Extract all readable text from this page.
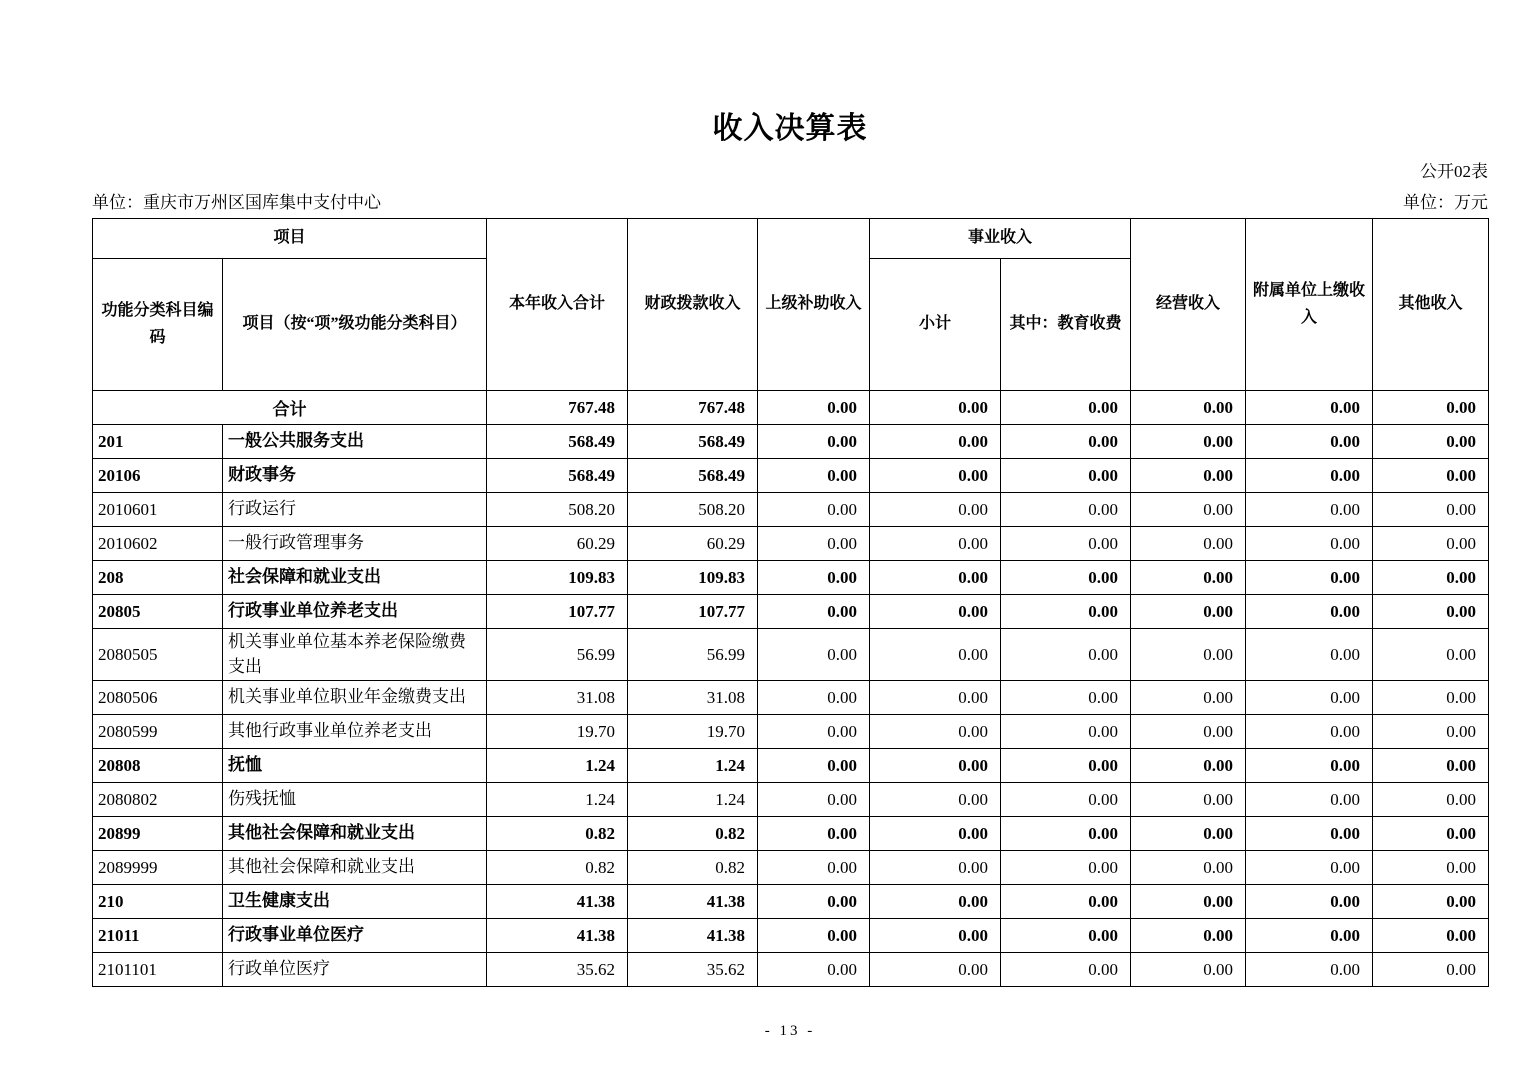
收入决算表
公开02表
单位：重庆市万州区国库集中支付中心	单位：万元
项目		本年收入合计	财政拨款收入	上级补助收入	事业收入		经营收入	附属单位上缴收入	其他收入
功能分类科目编码	项目（按“项”级功能分类科目）				小计	其中：教育收费			
合计		767.48	767.48	0.00	0.00	0.00	0.00	0.00	0.00
201	一般公共服务支出	568.49	568.49	0.00	0.00	0.00	0.00	0.00	0.00
20106	财政事务	568.49	568.49	0.00	0.00	0.00	0.00	0.00	0.00
2010601	行政运行	508.20	508.20	0.00	0.00	0.00	0.00	0.00	0.00
2010602	一般行政管理事务	60.29	60.29	0.00	0.00	0.00	0.00	0.00	0.00
208	社会保障和就业支出	109.83	109.83	0.00	0.00	0.00	0.00	0.00	0.00
20805	行政事业单位养老支出	107.77	107.77	0.00	0.00	0.00	0.00	0.00	0.00
2080505	机关事业单位基本养老保险缴费支出	56.99	56.99	0.00	0.00	0.00	0.00	0.00	0.00
2080506	机关事业单位职业年金缴费支出	31.08	31.08	0.00	0.00	0.00	0.00	0.00	0.00
2080599	其他行政事业单位养老支出	19.70	19.70	0.00	0.00	0.00	0.00	0.00	0.00
20808	抚恤	1.24	1.24	0.00	0.00	0.00	0.00	0.00	0.00
2080802	伤残抚恤	1.24	1.24	0.00	0.00	0.00	0.00	0.00	0.00
20899	其他社会保障和就业支出	0.82	0.82	0.00	0.00	0.00	0.00	0.00	0.00
2089999	其他社会保障和就业支出	0.82	0.82	0.00	0.00	0.00	0.00	0.00	0.00
210	卫生健康支出	41.38	41.38	0.00	0.00	0.00	0.00	0.00	0.00
21011	行政事业单位医疗	41.38	41.38	0.00	0.00	0.00	0.00	0.00	0.00
2101101	行政单位医疗	35.62	35.62	0.00	0.00	0.00	0.00	0.00	0.00
- 13 -
